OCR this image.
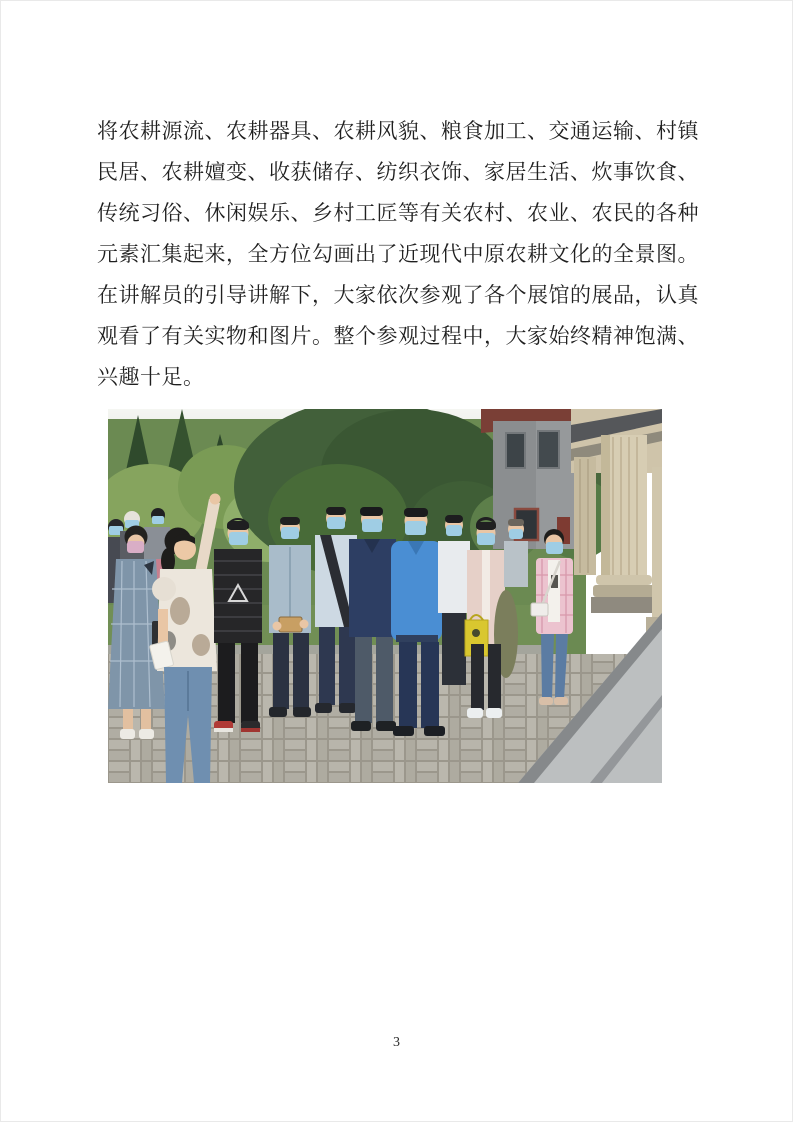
将农耕源流、农耕器具、农耕风貌、粮食加工、交通运输、村镇

民居、农耕嬗变、收获储存、纺织衣饰、家居生活、炊事饮食、

传统习俗、休闲娱乐、乡村工匠等有关农村、农业、农民的各种

元素汇集起来，全方位勾画出了近现代中原农耕文化的全景图。

在讲解员的引导讲解下，大家依次参观了各个展馆的展品，认真

观看了有关实物和图片。整个参观过程中，大家始终精神饱满、

兴趣十足。

3
